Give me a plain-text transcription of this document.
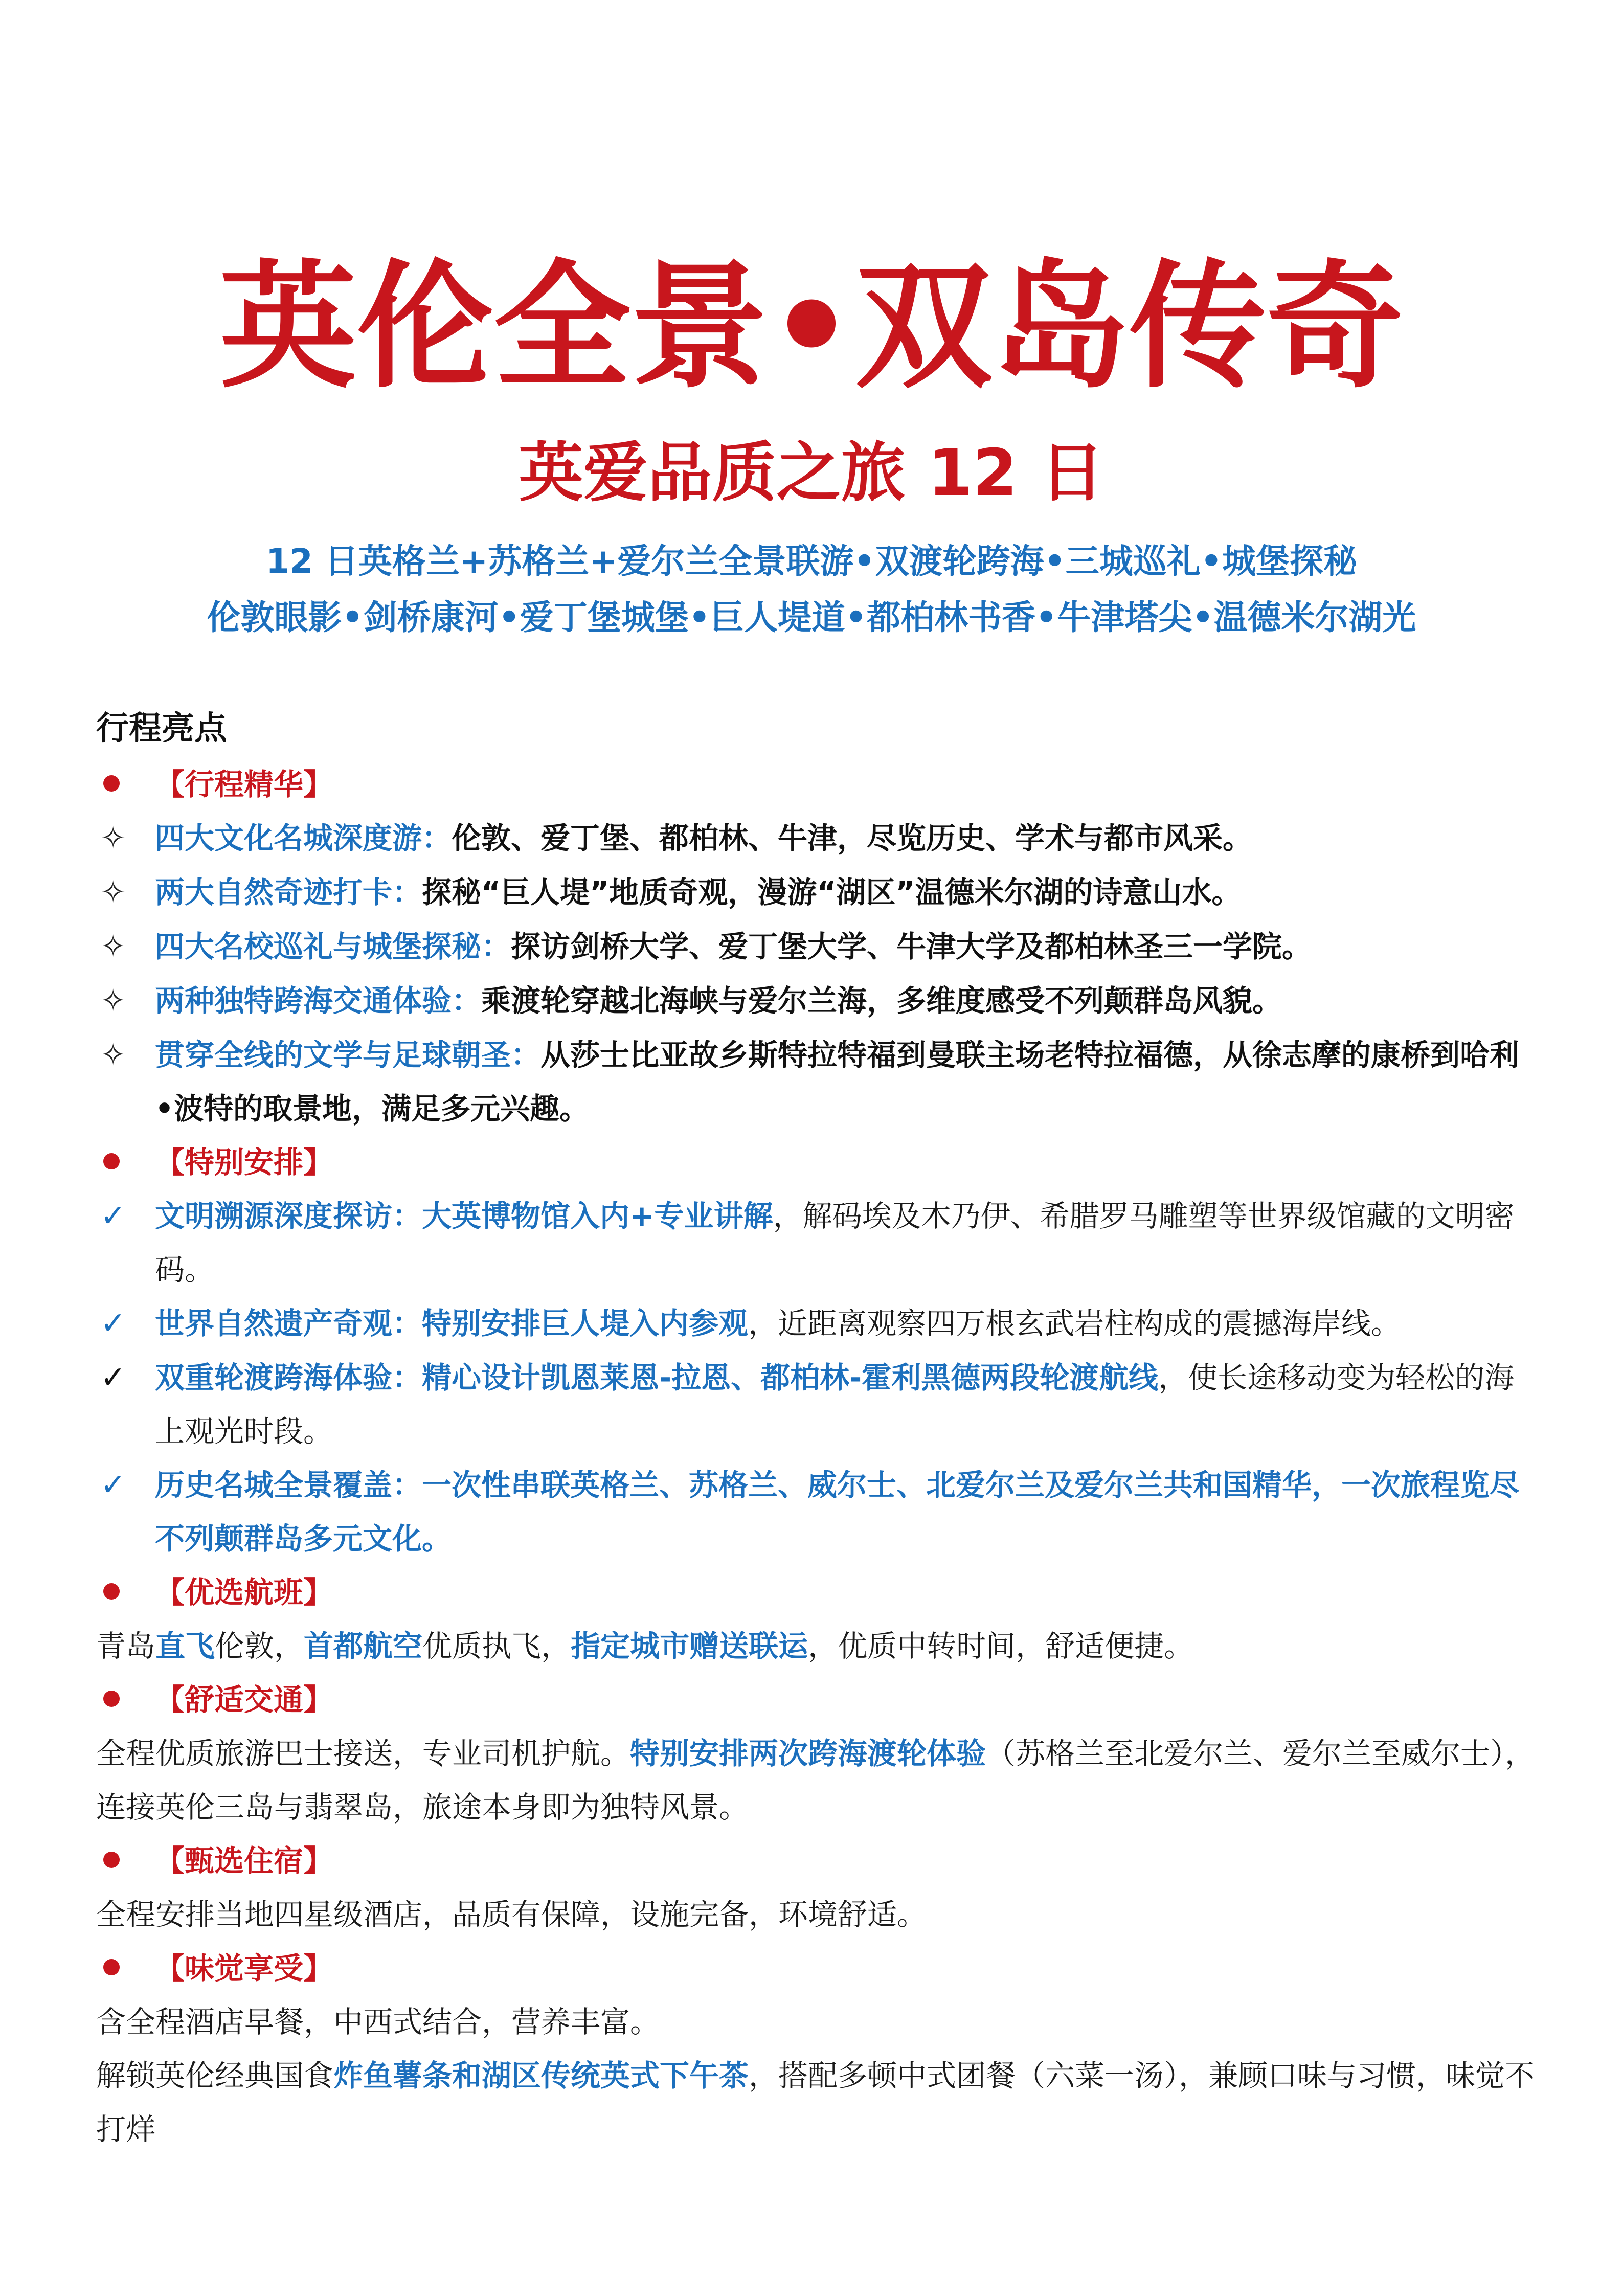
英伦全景•双岛传奇
英爱品质之旅 12 日
12 日英格兰+苏格兰+爱尔兰全景联游•双渡轮跨海•三城巡礼•城堡探秘
伦敦眼影•剑桥康河•爱丁堡城堡•巨人堤道•都柏林书香•牛津塔尖•温德米尔湖光
行程亮点
【行程精华】
✧ 四大文化名城深度游：伦敦、爱丁堡、都柏林、牛津，尽览历史、学术与都市风采。
✧ 两大自然奇迹打卡：探秘“巨人堤”地质奇观，漫游“湖区”温德米尔湖的诗意山水。
✧ 四大名校巡礼与城堡探秘：探访剑桥大学、爱丁堡大学、牛津大学及都柏林圣三一学院。
✧ 两种独特跨海交通体验：乘渡轮穿越北海峡与爱尔兰海，多维度感受不列颠群岛风貌。
✧ 贯穿全线的文学与足球朝圣：从莎士比亚故乡斯特拉特福到曼联主场老特拉福德，从徐志摩的康桥到哈利•波特的取景地，满足多元兴趣。
【特别安排】
✓ 文明溯源深度探访：大英博物馆入内+专业讲解，解码埃及木乃伊、希腊罗马雕塑等世界级馆藏的文明密码。
✓ 世界自然遗产奇观：特别安排巨人堤入内参观，近距离观察四万根玄武岩柱构成的震撼海岸线。
✓ 双重轮渡跨海体验：精心设计凯恩莱恩-拉恩、都柏林-霍利黑德两段轮渡航线，使长途移动变为轻松的海上观光时段。
✓ 历史名城全景覆盖：一次性串联英格兰、苏格兰、威尔士、北爱尔兰及爱尔兰共和国精华，一次旅程览尽不列颠群岛多元文化。
【优选航班】
青岛直飞伦敦，首都航空优质执飞，指定城市赠送联运，优质中转时间，舒适便捷。
【舒适交通】
全程优质旅游巴士接送，专业司机护航。特别安排两次跨海渡轮体验（苏格兰至北爱尔兰、爱尔兰至威尔士），连接英伦三岛与翡翠岛，旅途本身即为独特风景。
【甄选住宿】
全程安排当地四星级酒店，品质有保障，设施完备，环境舒适。
【味觉享受】
含全程酒店早餐，中西式结合，营养丰富。
解锁英伦经典国食炸鱼薯条和湖区传统英式下午茶，搭配多顿中式团餐（六菜一汤），兼顾口味与习惯，味觉不打烊
